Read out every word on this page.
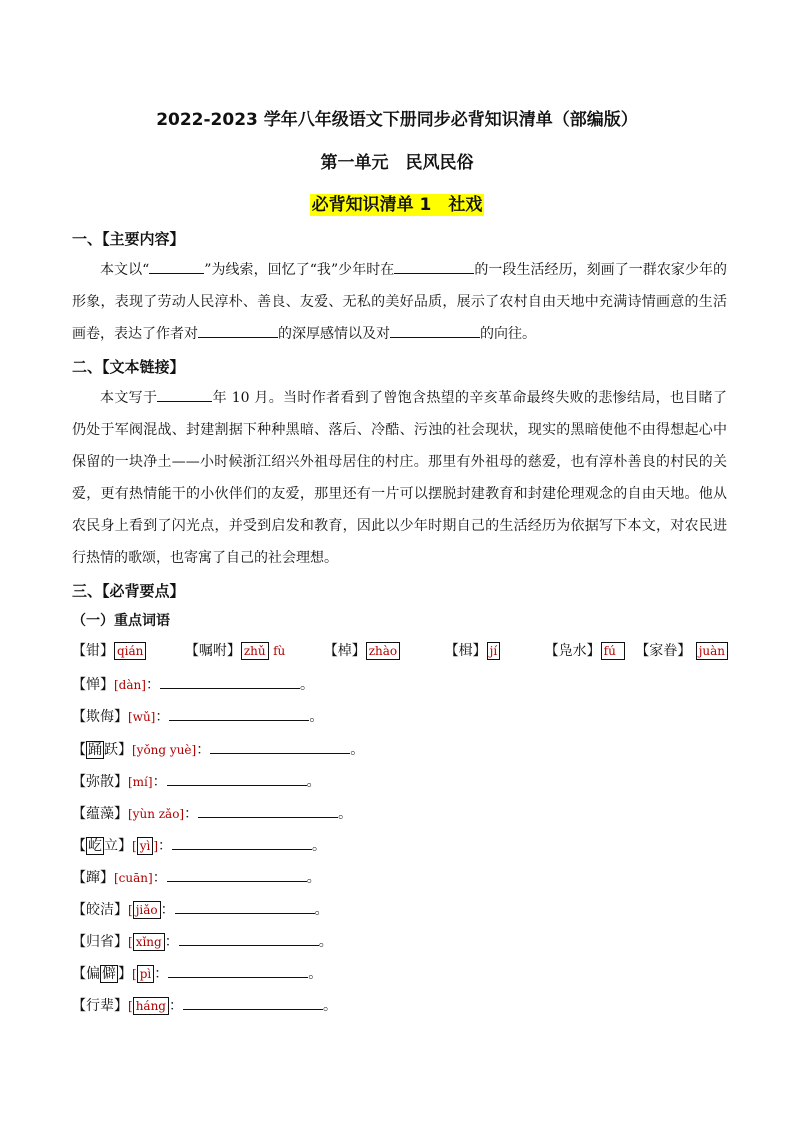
2022-2023 学年八年级语文下册同步必背知识清单（部编版）
第一单元　民风民俗
必背知识清单 1　社戏
一、【主要内容】
本文以“	”为线索，回忆了“我”少年时在	的一段生活经历，刻画了一群农家少年的形象，表现了劳动人民淳朴、善良、友爱、无私的美好品质，展示了农村自由天地中充满诗情画意的生活画卷，表达了作者对	的深厚感情以及对	的向往。
二、【文本链接】
本文写于	年 10 月。当时作者看到了曾饱含热望的辛亥革命最终失败的悲惨结局，也目睹了仍处于军阀混战、封建割据下种种黑暗、落后、冷酷、污浊的社会现状，现实的黑暗使他不由得想起心中保留的一块净土——小时候浙江绍兴外祖母居住的村庄。那里有外祖母的慈爱，也有淳朴善良的村民的关爱，更有热情能干的小伙伴们的友爱，那里还有一片可以摆脱封建教育和封建伦理观念的自由天地。他从农民身上看到了闪光点，并受到启发和教育，因此以少年时期自己的生活经历为依据写下本文，对农民进行热情的歌颂，也寄寓了自己的社会理想。
三、【必背要点】
（一）重点词语
【钳】 qián	【嘱咐】 zhǔ fù	【棹】 zhào	【楫】 jí	【凫水】 fú 【家眷】 juàn
【惮】[dàn]：	。
【欺侮】[wǔ]：	。
【 踊 跃】[yǒng yuè]：	。
【弥散】[mí]：	。
【蕴藻】[yùn zǎo]：	。
【 屹 立】[ yì ]：	。
【蹿】[cuān]：	。
【皎洁】[ jiǎo ：	。
【归省】[ xǐng ：	。
【偏 僻 】[ pì ：	。
【行辈】[ háng ：	。
